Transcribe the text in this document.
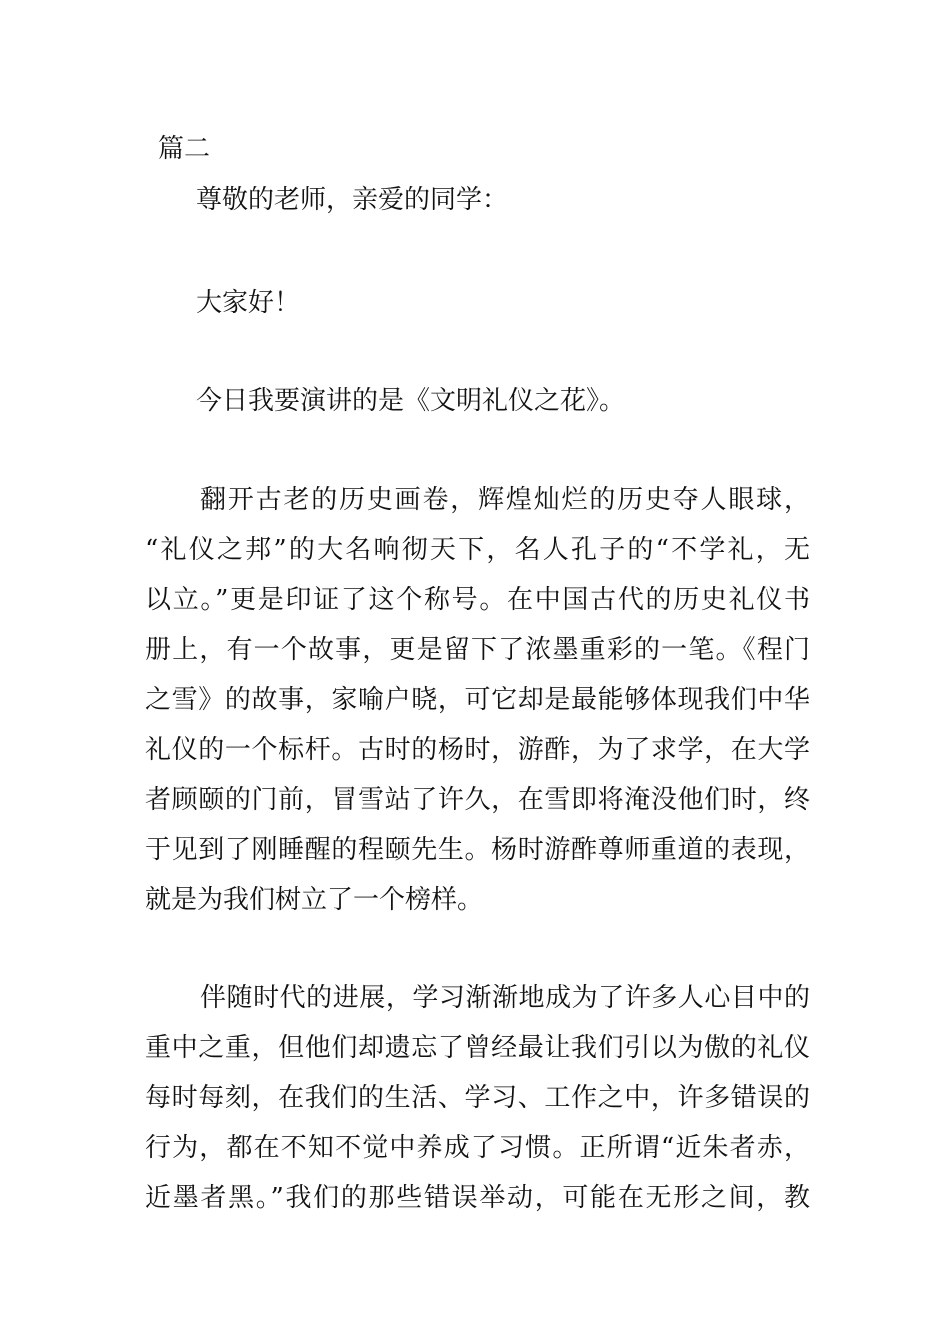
篇二

尊敬的老师，亲爱的同学：

大家好！

今日我要演讲的是《文明礼仪之花》。

翻开古老的历史画卷，辉煌灿烂的历史夺人眼球，
“礼仪之邦”的大名响彻天下，名人孔子的“不学礼，无
以立。”更是印证了这个称号。在中国古代的历史礼仪书
册上，有一个故事，更是留下了浓墨重彩的一笔。《程门
之雪》的故事，家喻户晓，可它却是最能够体现我们中华
礼仪的一个标杆。古时的杨时，游酢，为了求学，在大学
者顾颐的门前，冒雪站了许久，在雪即将淹没他们时，终
于见到了刚睡醒的程颐先生。杨时游酢尊师重道的表现，
就是为我们树立了一个榜样。
伴随时代的进展，学习渐渐地成为了许多人心目中的
重中之重，但他们却遗忘了曾经最让我们引以为傲的礼仪
每时每刻，在我们的生活、学习、工作之中，许多错误的
行为，都在不知不觉中养成了习惯。正所谓“近朱者赤，
近墨者黑。”我们的那些错误举动，可能在无形之间，教
